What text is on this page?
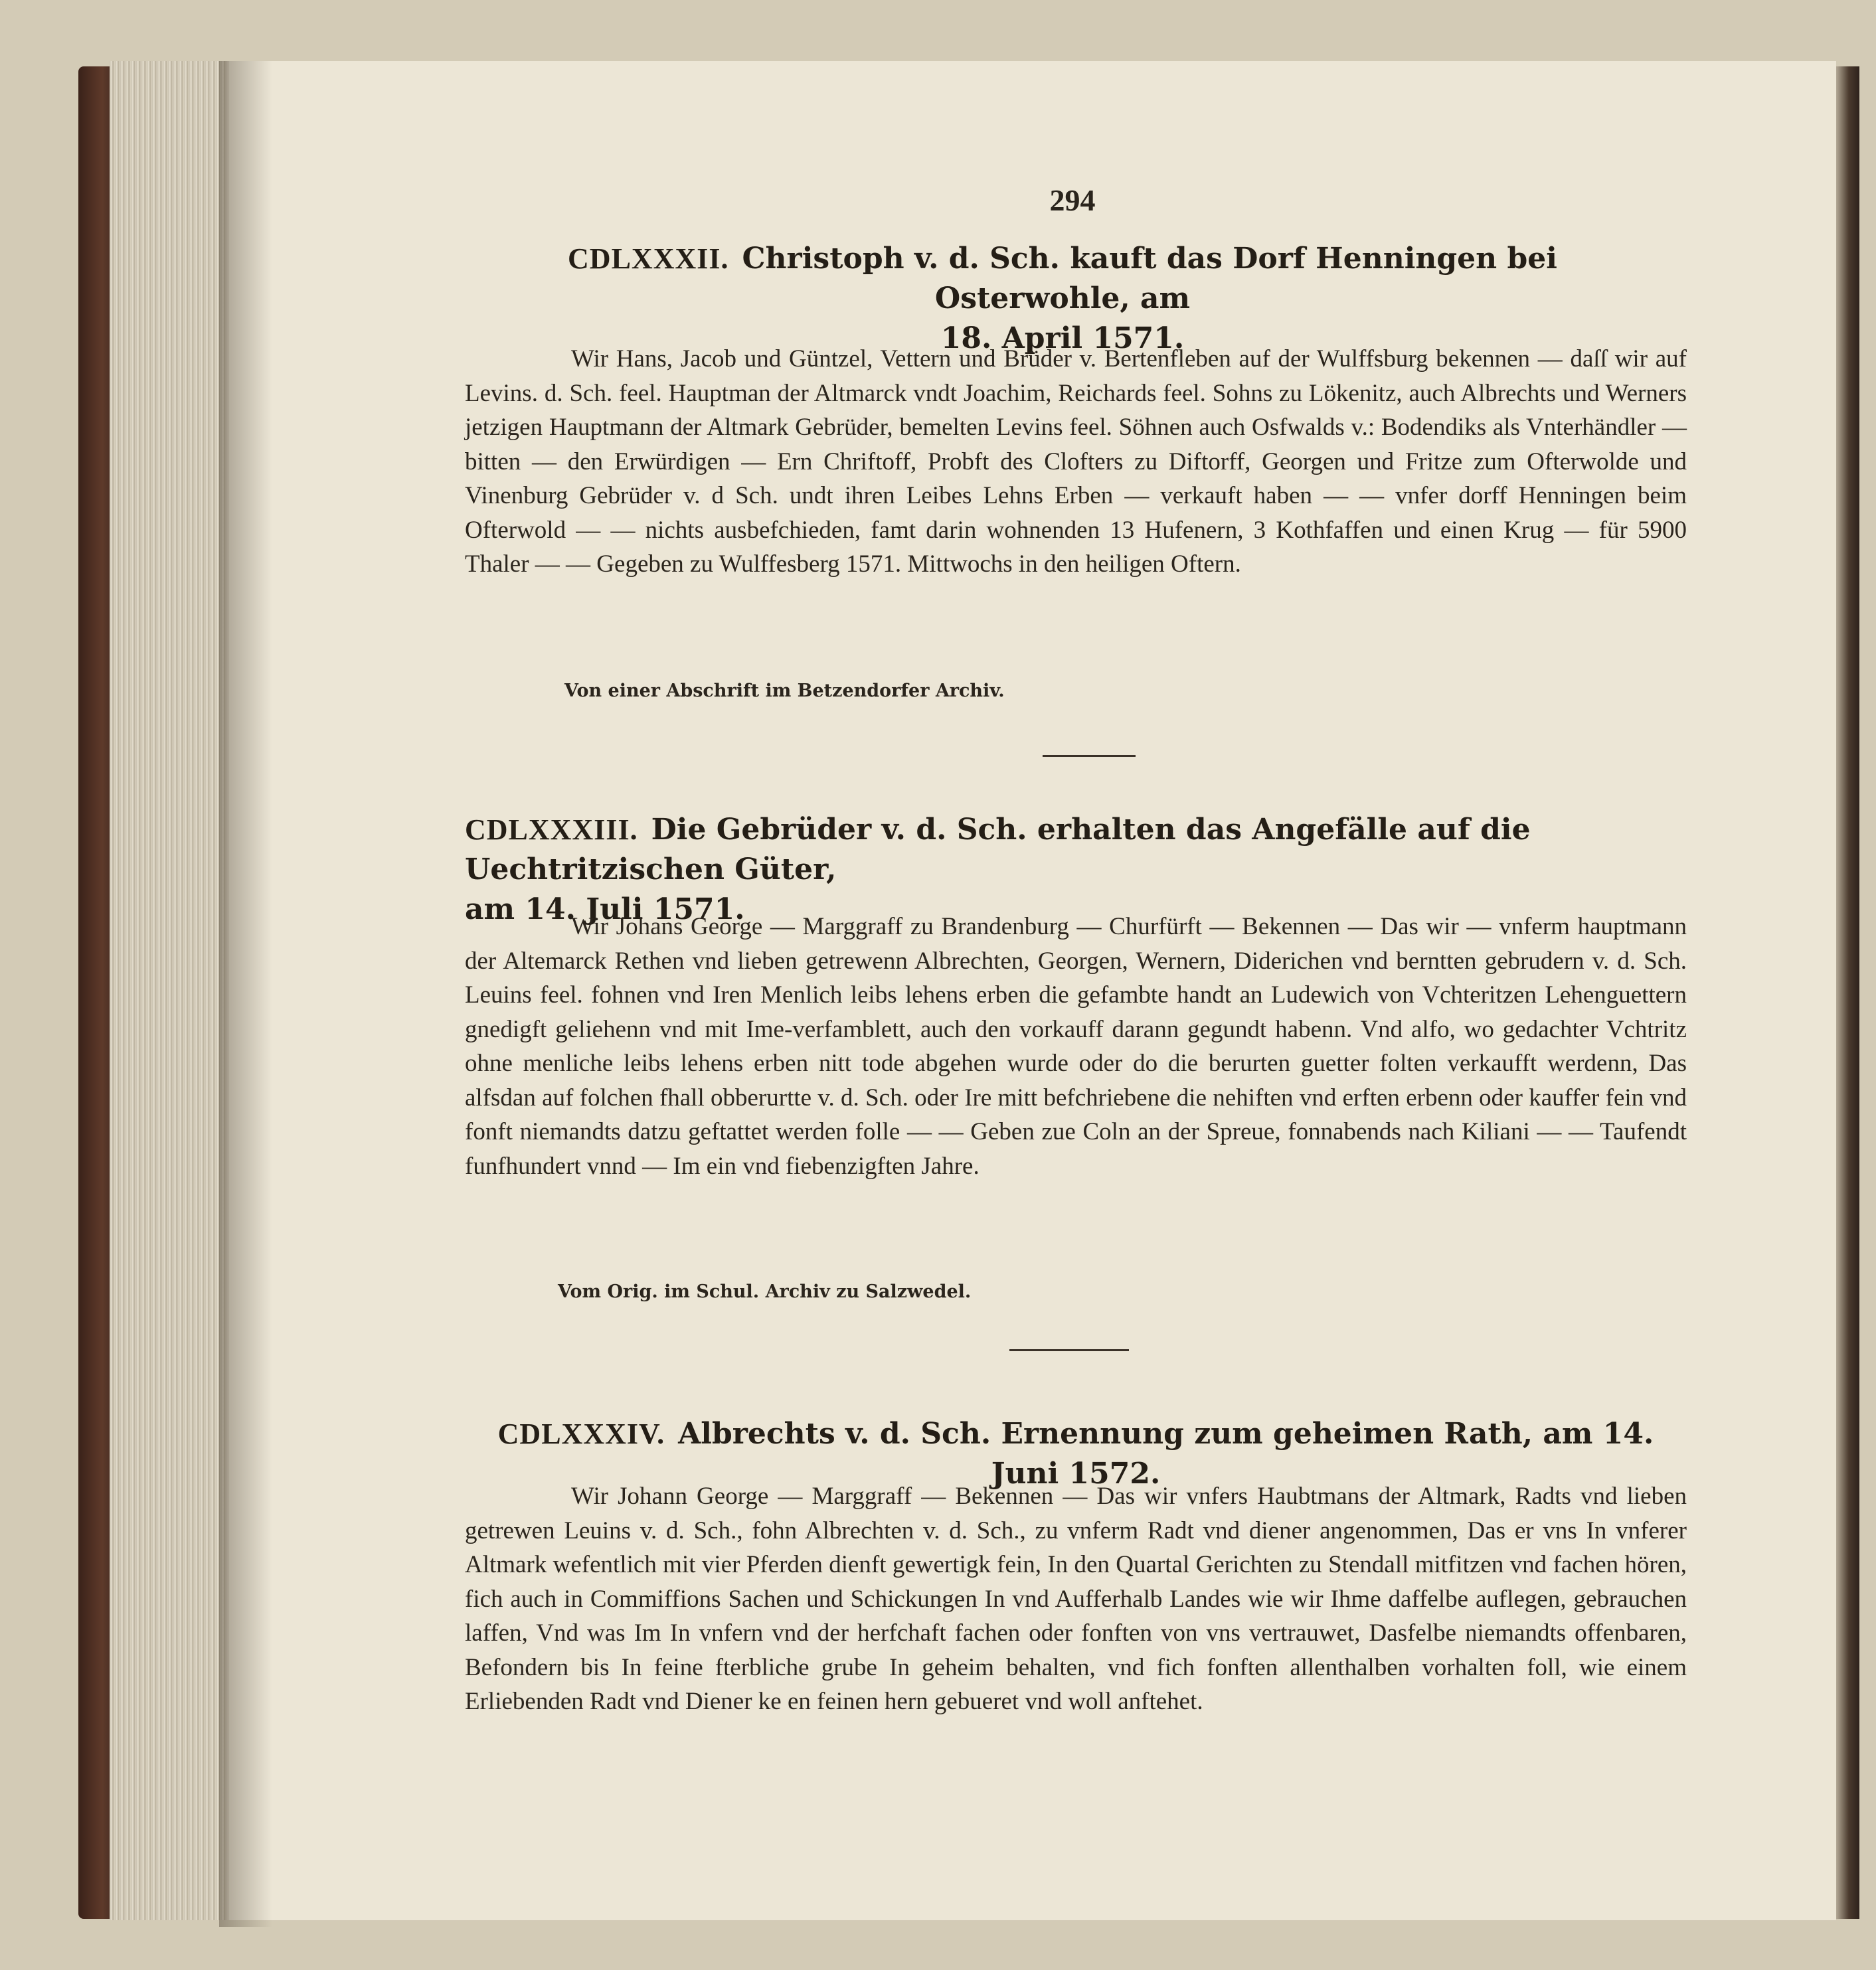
294
CDLXXXII. Christoph v. d. Sch. kauft das Dorf Henningen bei Osterwohle, am
18. April 1571.

Wir Hans, Jacob und Güntzel, Vettern und Brüder v. Bertenfleben auf der Wulffsburg bekennen — daſſ wir auf Levins. d. Sch. feel. Hauptman der Altmarck vndt Joachim, Reichards feel. Sohns zu Lökenitz, auch Albrechts und Werners jetzigen Hauptmann der Altmark Gebrüder, bemelten Levins feel. Söhnen auch Osfwalds v.: Bodendiks als Vnterhändler — bitten — den Erwürdigen — Ern Chriftoff, Probft des Clofters zu Diftorff, Georgen und Fritze zum Ofterwolde und Vinenburg Gebrüder v. d Sch. undt ihren Leibes Lehns Erben — verkauft haben — — vnfer dorff Henningen beim Ofterwold — — nichts ausbefchieden, famt darin wohnenden 13 Hufenern, 3 Kothfaffen und einen Krug — für 5900 Thaler — — Gegeben zu Wulffesberg 1571. Mittwochs in den heiligen Oftern.

Von einer Abschrift im Betzendorfer Archiv.
CDLXXXIII. Die Gebrüder v. d. Sch. erhalten das Angefälle auf die Uechtritzischen Güter,
am 14. Juli 1571.

Wir Johans George — Marggraff zu Brandenburg — Churfürft — Bekennen — Das wir — vnferm hauptmann der Altemarck Rethen vnd lieben getrewenn Albrechten, Georgen, Wernern, Diderichen vnd berntten gebrudern v. d. Sch. Leuins feel. fohnen vnd Iren Menlich leibs lehens erben die gefambte handt an Ludewich von Vchteritzen Lehenguettern gnedigft geliehenn vnd mit Ime-verfamblett, auch den vorkauff darann gegundt habenn. Vnd alfo, wo gedachter Vchtritz ohne menliche leibs lehens erben nitt tode abgehen wurde oder do die berurten guetter folten verkaufft werdenn, Das alfsdan auf folchen fhall obberurtte v. d. Sch. oder Ire mitt befchriebene die nehiften vnd erften erbenn oder kauffer fein vnd fonft niemandts datzu geftattet werden folle — — Geben zue Coln an der Spreue, fonnabends nach Kiliani — — Taufendt funfhundert vnnd — Im ein vnd fiebenzigften Jahre.

Vom Orig. im Schul. Archiv zu Salzwedel.
CDLXXXIV. Albrechts v. d. Sch. Ernennung zum geheimen Rath, am 14. Juni 1572.

Wir Johann George — Marggraff — Bekennen — Das wir vnfers Haubtmans der Altmark, Radts vnd lieben getrewen Leuins v. d. Sch., fohn Albrechten v. d. Sch., zu vnferm Radt vnd diener angenommen, Das er vns In vnferer Altmark wefentlich mit vier Pferden dienft gewertigk fein, In den Quartal Gerichten zu Stendall mitfitzen vnd fachen hören, fich auch in Commiffions Sachen und Schickungen In vnd Aufferhalb Landes wie wir Ihme daffelbe auflegen, gebrauchen laffen, Vnd was Im In vnfern vnd der herfchaft fachen oder fonften von vns vertrauwet, Dasfelbe niemandts offenbaren, Befondern bis In feine fterbliche grube In geheim behalten, vnd fich fonften allenthalben vorhalten foll, wie einem Erliebenden Radt vnd Diener ke en feinen hern gebueret vnd woll anftehet.
